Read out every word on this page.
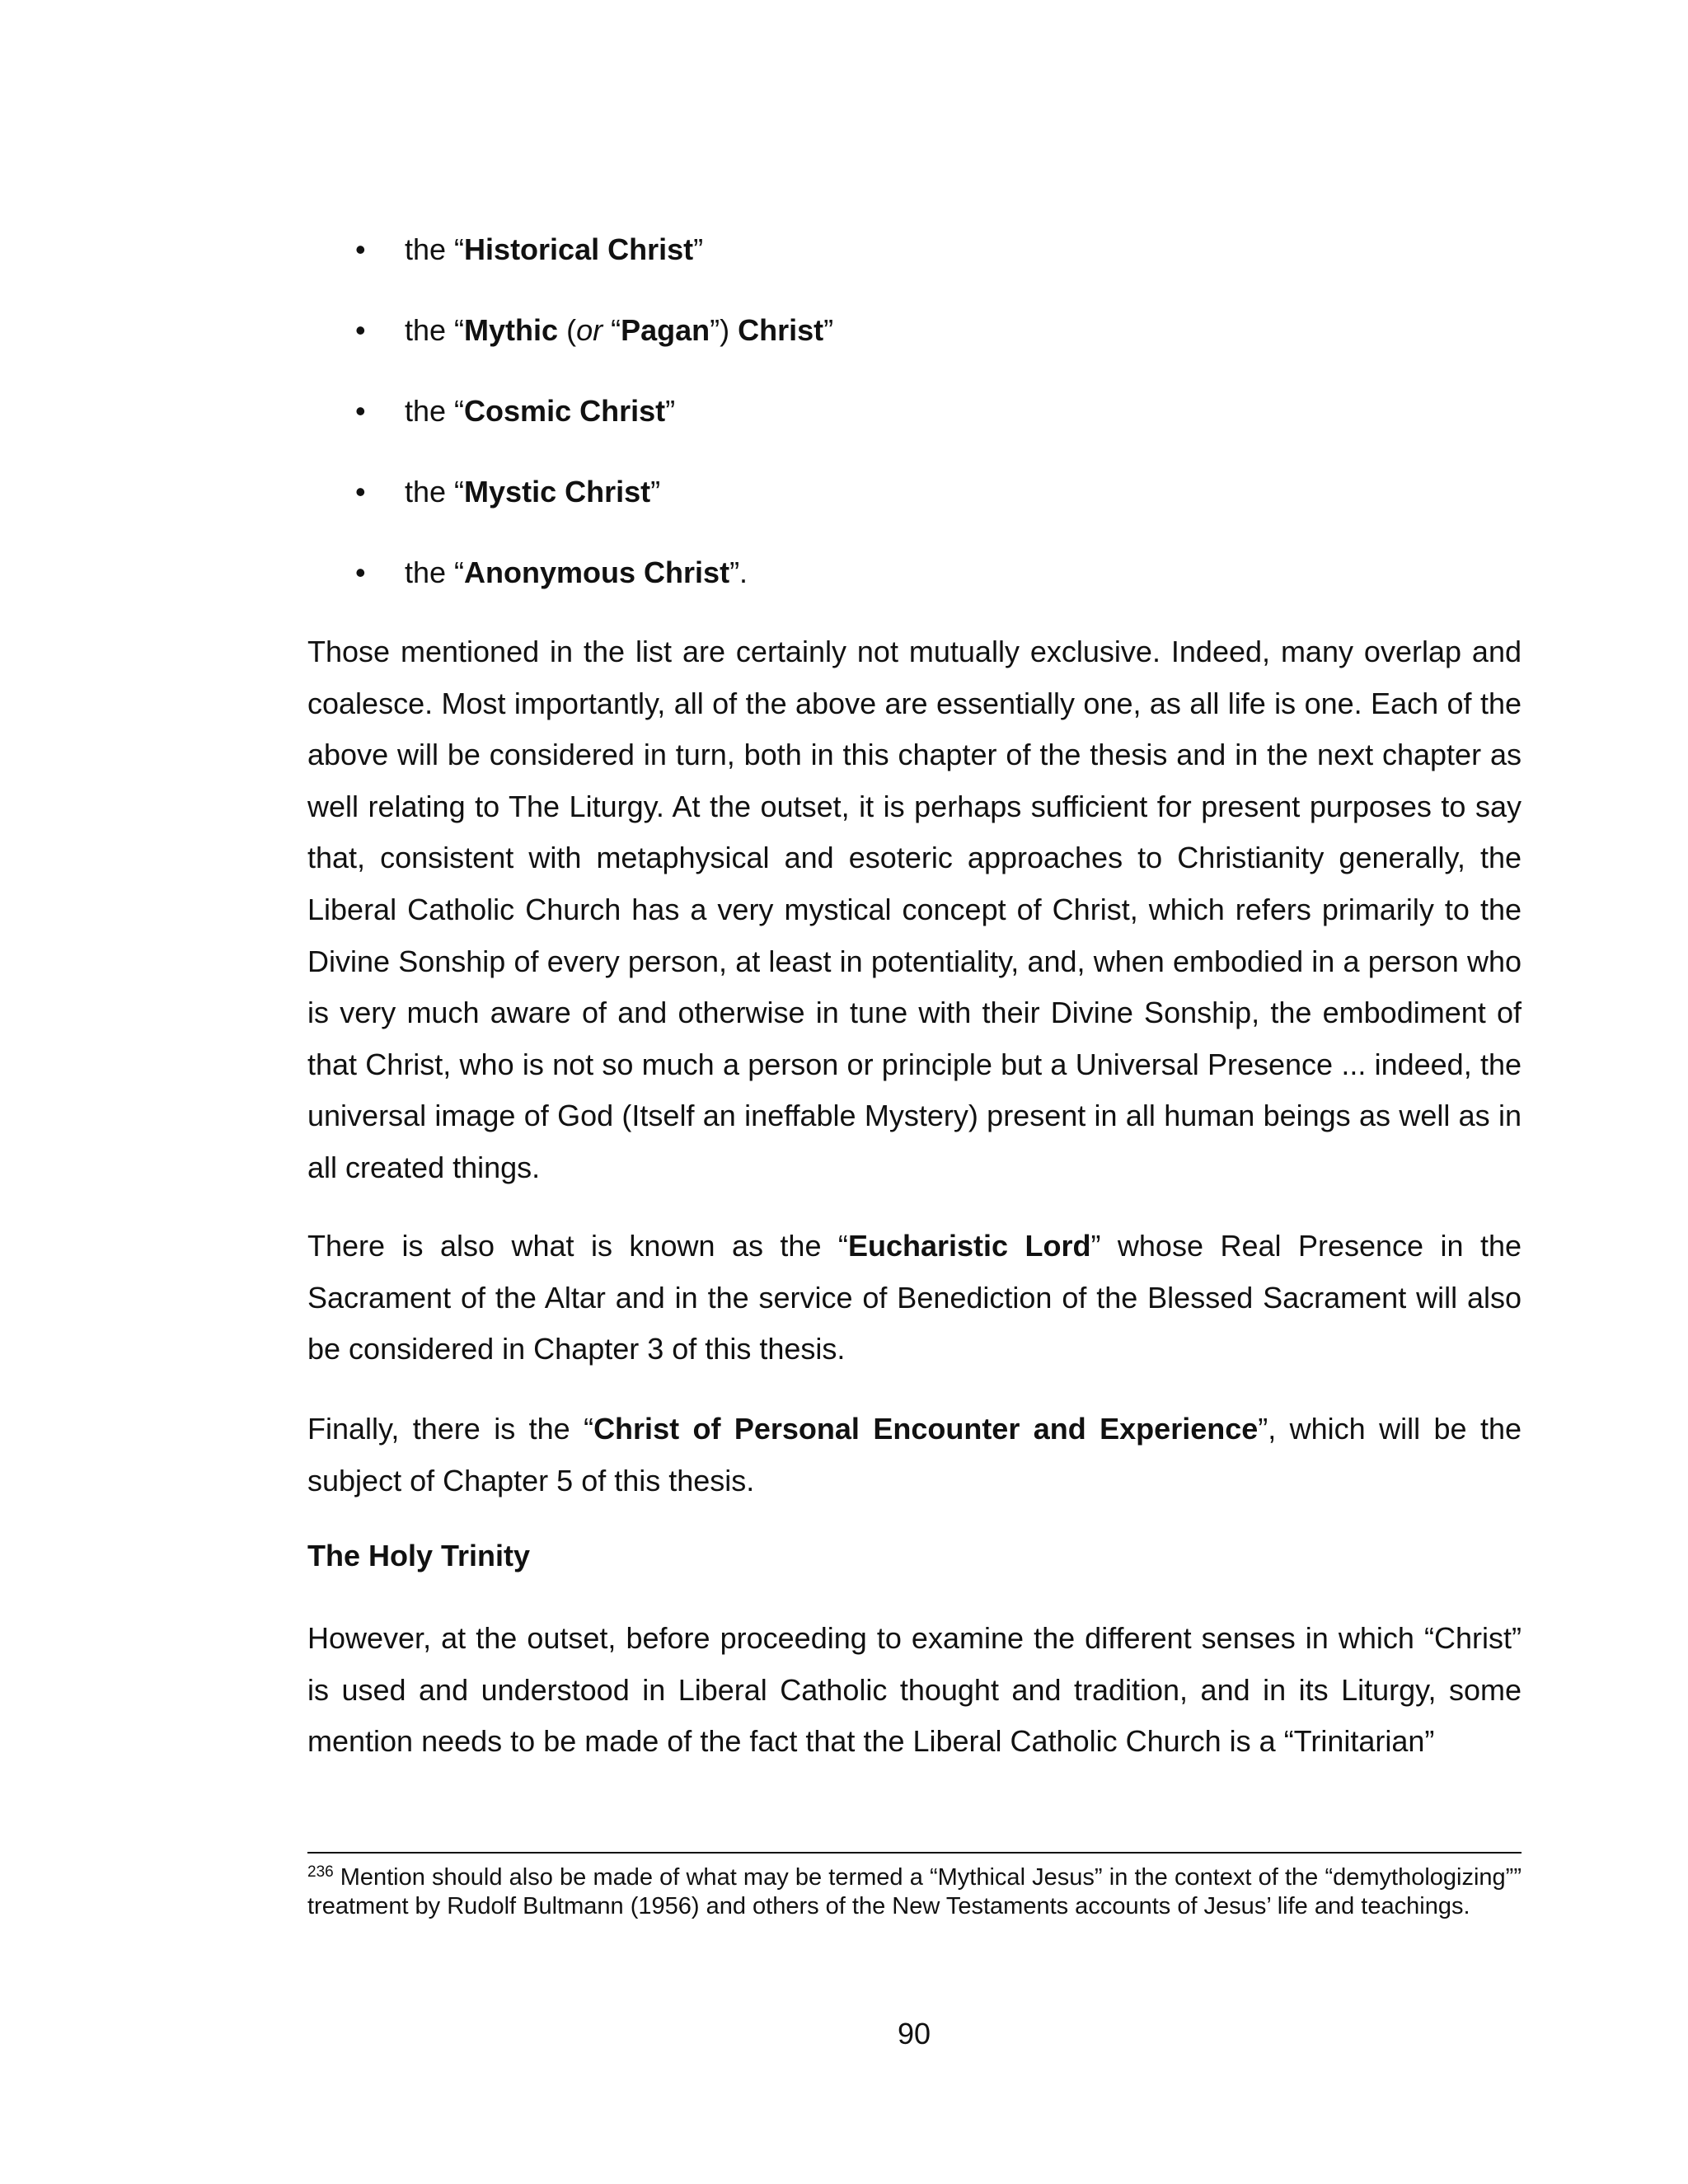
• the “Historical Christ”
• the “Mythic (or “Pagan”) Christ”
• the “Cosmic Christ”
• the “Mystic Christ”
• the “Anonymous Christ”.

Those mentioned in the list are certainly not mutually exclusive. Indeed, many overlap and coalesce. Most importantly, all of the above are essentially one, as all life is one. Each of the above will be considered in turn, both in this chapter of the thesis and in the next chapter as well relating to The Liturgy. At the outset, it is perhaps sufficient for present purposes to say that, consistent with metaphysical and esoteric approaches to Christianity generally, the Liberal Catholic Church has a very mystical concept of Christ, which refers primarily to the Divine Sonship of every person, at least in potentiality, and, when embodied in a person who is very much aware of and otherwise in tune with their Divine Sonship, the embodiment of that Christ, who is not so much a person or principle but a Universal Presence ... indeed, the universal image of God (Itself an ineffable Mystery) present in all human beings as well as in all created things.

There is also what is known as the “Eucharistic Lord” whose Real Presence in the Sacrament of the Altar and in the service of Benediction of the Blessed Sacrament will also be considered in Chapter 3 of this thesis.

Finally, there is the “Christ of Personal Encounter and Experience”, which will be the subject of Chapter 5 of this thesis.

The Holy Trinity

However, at the outset, before proceeding to examine the different senses in which “Christ” is used and understood in Liberal Catholic thought and tradition, and in its Liturgy, some mention needs to be made of the fact that the Liberal Catholic Church is a “Trinitarian”

$^{236}$ Mention should also be made of what may be termed a “Mythical Jesus” in the context of the “demythologizing”” treatment by Rudolf Bultmann (1956) and others of the New Testaments accounts of Jesus’ life and teachings.

90
